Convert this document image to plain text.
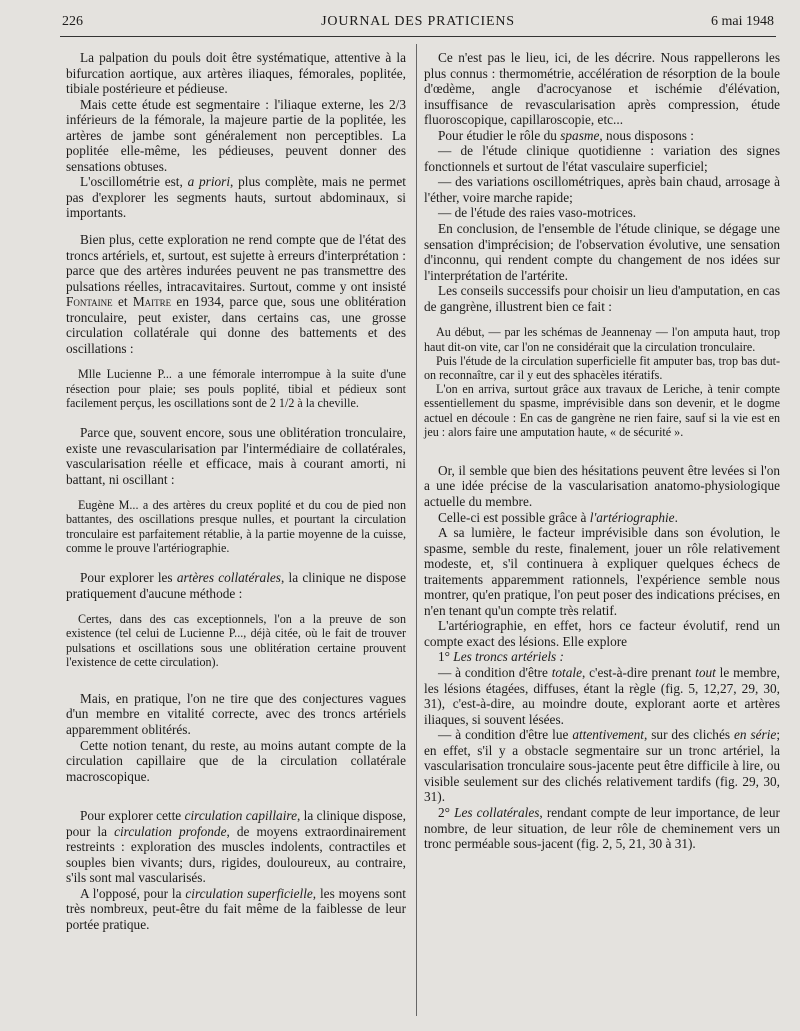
226	JOURNAL DES PRATICIENS	6 mai 1948

La palpation du pouls doit être systématique, attentive à la bifurcation aortique, aux artères iliaques, fémorales, poplitée, tibiale postérieure et pédieuse.

Mais cette étude est segmentaire : l'iliaque externe, les 2/3 inférieurs de la fémorale, la majeure partie de la poplitée, les artères de jambe sont généralement non perceptibles. La poplitée elle-même, les pédieuses, peuvent donner des sensations obtuses.

L'oscillométrie est, a priori, plus complète, mais ne permet pas d'explorer les segments hauts, surtout abdominaux, si importants.

Bien plus, cette exploration ne rend compte que de l'état des troncs artériels, et, surtout, est sujette à erreurs d'interprétation : parce que des artères indurées peuvent ne pas transmettre des pulsations réelles, intracavitaires. Surtout, comme y ont insisté Fontaine et Maitre en 1934, parce que, sous une oblitération tronculaire, peut exister, dans certains cas, une grosse circulation collatérale qui donne des battements et des oscillations :

Mlle Lucienne P... a une fémorale interrompue à la suite d'une résection pour plaie; ses pouls poplité, tibial et pédieux sont facilement perçus, les oscillations sont de 2 1/2 à la cheville.

Parce que, souvent encore, sous une oblitération tronculaire, existe une revascularisation par l'intermédiaire de collatérales, vascularisation réelle et efficace, mais à courant amorti, ni battant, ni oscillant :

Eugène M... a des artères du creux poplité et du cou de pied non battantes, des oscillations presque nulles, et pourtant la circulation tronculaire est parfaitement rétablie, à la partie moyenne de la cuisse, comme le prouve l'artériographie.

Pour explorer les artères collatérales, la clinique ne dispose pratiquement d'aucune méthode :

Certes, dans des cas exceptionnels, l'on a la preuve de son existence (tel celui de Lucienne P..., déjà citée, où le fait de trouver pulsations et oscillations sous une oblitération certaine prouvent l'existence de cette circulation).

Mais, en pratique, l'on ne tire que des conjectures vagues d'un membre en vitalité correcte, avec des troncs artériels apparemment oblitérés.

Cette notion tenant, du reste, au moins autant compte de la circulation capillaire que de la circulation collatérale macroscopique.

Pour explorer cette circulation capillaire, la clinique dispose, pour la circulation profonde, de moyens extraordinairement restreints : exploration des muscles indolents, contractiles et souples bien vivants; durs, rigides, douloureux, au contraire, s'ils sont mal vascularisés.

A l'opposé, pour la circulation superficielle, les moyens sont très nombreux, peut-être du fait même de la faiblesse de leur portée pratique.

Ce n'est pas le lieu, ici, de les décrire. Nous rappellerons les plus connus : thermométrie, accélération de résorption de la boule d'œdème, angle d'acrocyanose et ischémie d'élévation, insuffisance de revascularisation après compression, étude fluoroscopique, capillaroscopie, etc...

Pour étudier le rôle du spasme, nous disposons :

— de l'étude clinique quotidienne : variation des signes fonctionnels et surtout de l'état vasculaire superficiel;

— des variations oscillométriques, après bain chaud, arrosage à l'éther, voire marche rapide;

— de l'étude des raies vaso-motrices.

En conclusion, de l'ensemble de l'étude clinique, se dégage une sensation d'imprécision; de l'observation évolutive, une sensation d'inconnu, qui rendent compte du changement de nos idées sur l'interprétation de l'artérite.

Les conseils successifs pour choisir un lieu d'amputation, en cas de gangrène, illustrent bien ce fait :

Au début, — par les schémas de Jeannenay — l'on amputa haut, trop haut dit-on vite, car l'on ne considérait que la circulation tronculaire.

Puis l'étude de la circulation superficielle fit amputer bas, trop bas dut-on reconnaître, car il y eut des sphacèles itératifs.

L'on en arriva, surtout grâce aux travaux de Leriche, à tenir compte essentiellement du spasme, imprévisible dans son devenir, et le dogme actuel en découle : En cas de gangrène ne rien faire, sauf si la vie est en jeu : alors faire une amputation haute, « de sécurité ».

Or, il semble que bien des hésitations peuvent être levées si l'on a une idée précise de la vascularisation anatomo-physiologique actuelle du membre.

Celle-ci est possible grâce à l'artériographie.

A sa lumière, le facteur imprévisible dans son évolution, le spasme, semble du reste, finalement, jouer un rôle relativement modeste, et, s'il continuera à expliquer quelques échecs de traitements apparemment rationnels, l'expérience semble nous montrer, qu'en pratique, l'on peut poser des indications précises, en n'en tenant qu'un compte très relatif.

L'artériographie, en effet, hors ce facteur évolutif, rend un compte exact des lésions. Elle explore

1° Les troncs artériels :

— à condition d'être totale, c'est-à-dire prenant tout le membre, les lésions étagées, diffuses, étant la règle (fig. 5, 12,27, 29, 30, 31), c'est-à-dire, au moindre doute, explorant aorte et artères iliaques, si souvent lésées.

— à condition d'être lue attentivement, sur des clichés en série; en effet, s'il y a obstacle segmentaire sur un tronc artériel, la vascularisation tronculaire sous-jacente peut être difficile à lire, ou visible seulement sur des clichés relativement tardifs (fig. 29, 30, 31).

2° Les collatérales, rendant compte de leur importance, de leur nombre, de leur situation, de leur rôle de cheminement vers un tronc perméable sous-jacent (fig. 2, 5, 21, 30 à 31).
